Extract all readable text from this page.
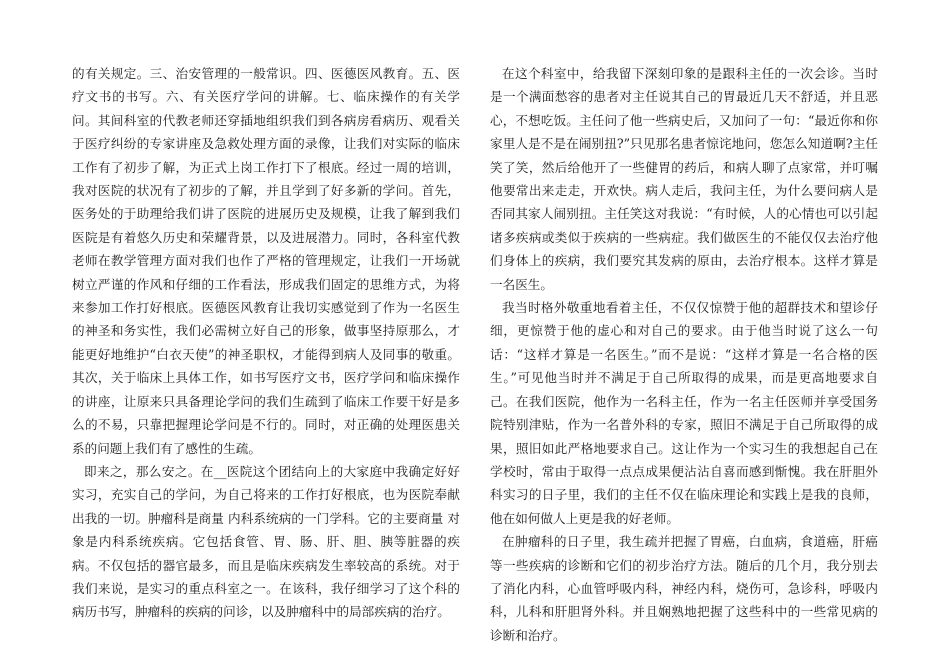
的有关规定。三、治安管理的一般常识。四、医德医风教育。五、医疗文书的书写。六、有关医疗学问的讲解。七、临床操作的有关学问。其间科室的代教老师还穿插地组织我们到各病房看病历、观看关于医疗纠纷的专家讲座及急救处理方面的录像，让我们对实际的临床工作有了初步了解，为正式上岗工作打下了根底。经过一周的培训，我对医院的状况有了初步的了解，并且学到了好多新的学问。首先，医务处的于助理给我们讲了医院的进展历史及规模，让我了解到我们医院是有着悠久历史和荣耀背景，以及进展潜力。同时，各科室代教老师在教学管理方面对我们也作了严格的管理规定，让我们一开场就树立严谨的作风和仔细的工作看法，形成我们固定的思维方式，为将来参加工作打好根底。医德医风教育让我切实感觉到了作为一名医生的神圣和务实性，我们必需树立好自己的形象，做事坚持原那么，才能更好地维护“白衣天使”的神圣职权，才能得到病人及同事的敬重。其次，关于临床上具体工作，如书写医疗文书，医疗学问和临床操作的讲座，让原来只具备理论学问的我们生疏到了临床工作要干好是多么的不易，只靠把握理论学问是不行的。同时，对正确的处理医患关系的问题上我们有了感性的生疏。

即来之，那么安之。在__医院这个团结向上的大家庭中我确定好好实习，充实自己的学问，为自己将来的工作打好根底，也为医院奉献出我的一切。肿瘤科是商量 内科系统病的一门学科。它的主要商量 对象是内科系统疾病。它包括食管、胃、肠、肝、胆、胰等脏器的疾病。不仅包括的器官最多，而且是临床疾病发生率较高的系统。对于我们来说，是实习的重点科室之一。在该科，我仔细学习了这个科的病历书写，肿瘤科的疾病的问诊，以及肿瘤科中的局部疾病的治疗。

在这个科室中，给我留下深刻印象的是跟科主任的一次会诊。当时是一个满面愁容的患者对主任说其自己的胃最近几天不舒适，并且恶心，不想吃饭。主任问了他一些病史后，又加问了一句：“最近你和你家里人是不是在闹别扭?”只见那名患者惊诧地问，您怎么知道啊?主任笑了笑，然后给他开了一些健胃的药后，和病人聊了点家常，并叮嘱他要常出来走走，开欢快。病人走后，我问主任，为什么要问病人是否同其家人闹别扭。主任笑这对我说：“有时候，人的心情也可以引起诸多疾病或类似于疾病的一些病症。我们做医生的不能仅仅去治疗他们身体上的疾病，我们要究其发病的原由，去治疗根本。这样才算是一名医生。

我当时格外敬重地看着主任，不仅仅惊赞于他的超群技术和望诊仔细，更惊赞于他的虚心和对自己的要求。由于他当时说了这么一句话：“这样才算是一名医生。”而不是说：“这样才算是一名合格的医生。”可见他当时并不满足于自己所取得的成果，而是更高地要求自己。在我们医院，他作为一名科主任，作为一名主任医师并享受国务院特别津贴，作为一名普外科的专家，照旧不满足于自己所取得的成果，照旧如此严格地要求自己。这让作为一个实习生的我想起自己在学校时，常由于取得一点点成果便沾沾自喜而感到惭愧。我在肝胆外科实习的日子里，我们的主任不仅在临床理论和实践上是我的良师，他在如何做人上更是我的好老师。

在肿瘤科的日子里，我生疏并把握了胃癌，白血病，食道癌，肝癌等一些疾病的诊断和它们的初步治疗方法。随后的几个月，我分别去了消化内科，心血管呼吸内科，神经内科，烧伤可，急诊科，呼吸内科，儿科和肝胆肾外科。并且娴熟地把握了这些科中的一些常见病的诊断和治疗。
